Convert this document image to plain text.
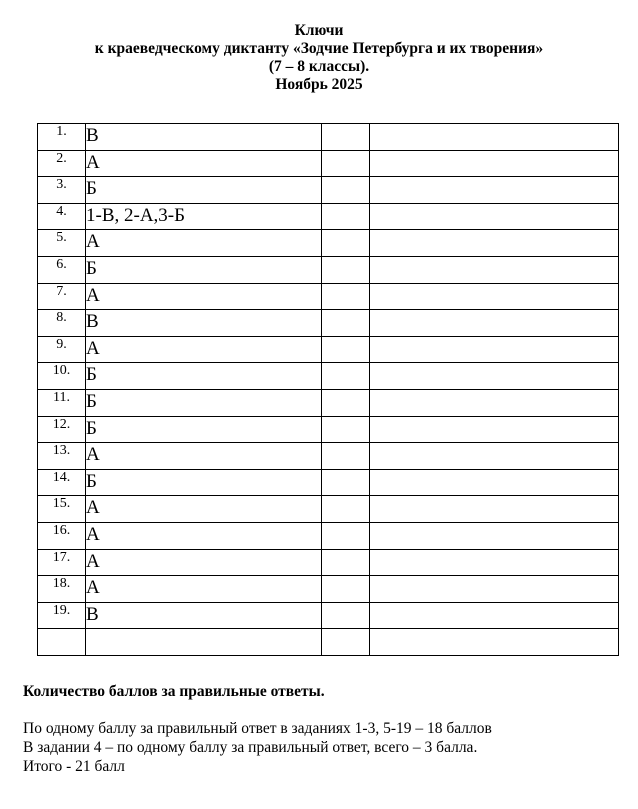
Ключи
к краеведческому диктанту «Зодчие Петербурга и их творения»
(7 – 8 классы).
Ноябрь 2025
1.	В		
2.	А		
3.	Б		
4.	1-В, 2-А,3-Б		
5.	А		
6.	Б		
7.	А		
8.	В		
9.	А		
10.	Б		
11.	Б		
12.	Б		
13.	А		
14.	Б		
15.	А		
16.	А		
17.	А		
18.	А		
19.	В		

Количество баллов за правильные ответы.
По одному баллу за правильный ответ в заданиях 1-3, 5-19 – 18 баллов
В задании 4 – по одному баллу за правильный ответ, всего – 3 балла.
Итого - 21 балл
